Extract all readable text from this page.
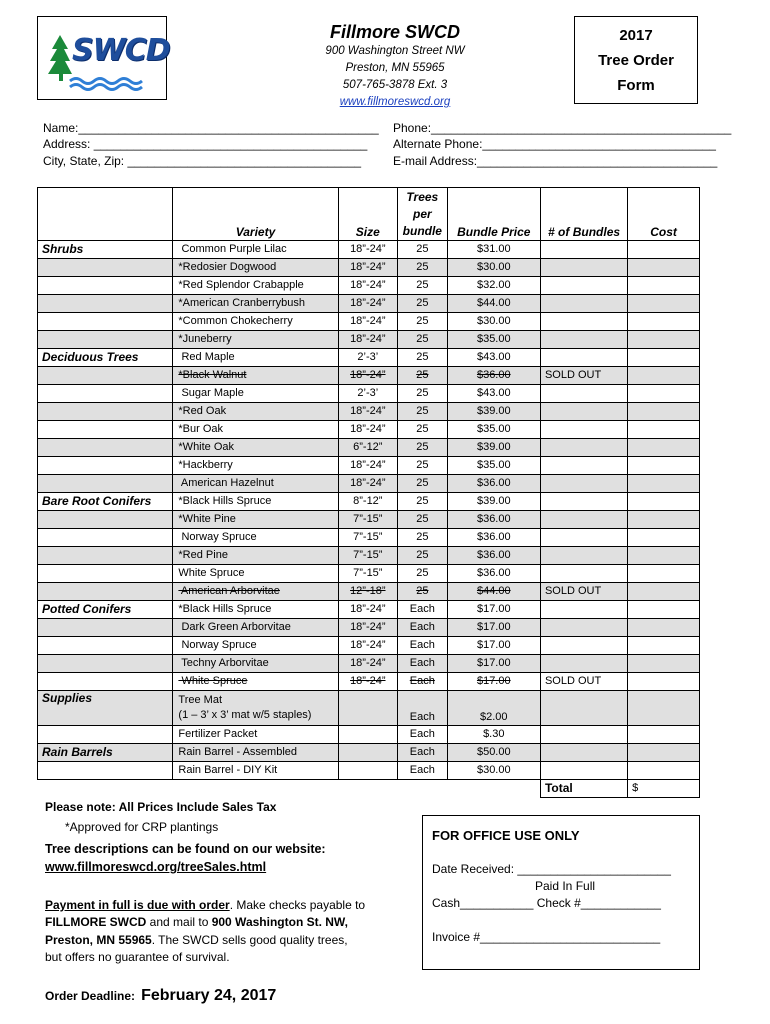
SWCD
Fillmore SWCD
900 Washington Street NW
Preston, MN 55965
507-765-3878 Ext. 3
www.fillmoreswcd.org
2017
Tree Order
Form
Name:_____________________________________________
Address: _________________________________________
City, State, Zip: ___________________________________
Phone:_____________________________________________
Alternate Phone:___________________________________
E-mail Address:____________________________________
	Variety	Size	Trees
per
bundle	Bundle Price	# of Bundles	Cost
Shrubs	Common Purple Lilac	18”-24”	25	$31.00		
	*Redosier Dogwood	18”-24”	25	$30.00		
	*Red Splendor Crabapple	18”-24”	25	$32.00		
	*American Cranberrybush	18”-24”	25	$44.00		
	*Common Chokecherry	18”-24”	25	$30.00		
	*Juneberry	18”-24”	25	$35.00		
Deciduous Trees	Red Maple	2’-3’	25	$43.00		
	*Black Walnut	18”-24”	25	$36.00	SOLD OUT	
	Sugar Maple	2’-3’	25	$43.00		
	*Red Oak	18”-24”	25	$39.00		
	*Bur Oak	18”-24”	25	$35.00		
	*White Oak	6”-12”	25	$39.00		
	*Hackberry	18”-24”	25	$35.00		
	American Hazelnut	18”-24”	25	$36.00		
Bare Root Conifers	*Black Hills Spruce	8”-12”	25	$39.00		
	*White Pine	7”-15”	25	$36.00		
	Norway Spruce	7”-15”	25	$36.00		
	*Red Pine	7”-15”	25	$36.00		
	White Spruce	7”-15”	25	$36.00		
	American Arborvitae	12”-18”	25	$44.00	SOLD OUT	
Potted Conifers	*Black Hills Spruce	18”-24”	Each	$17.00		
	Dark Green Arborvitae	18”-24”	Each	$17.00		
	Norway Spruce	18”-24”	Each	$17.00		
	Techny Arborvitae	18”-24”	Each	$17.00		
	White Spruce	18”-24”	Each	$17.00	SOLD OUT	
Supplies	Tree Mat
(1 – 3’ x 3’ mat w/5 staples)		Each	$2.00		
	Fertilizer Packet		Each	$.30		
Rain Barrels	Rain Barrel - Assembled		Each	$50.00		
	Rain Barrel - DIY Kit		Each	$30.00		
					Total	$
Please note: All Prices Include Sales Tax
*Approved for CRP plantings
Tree descriptions can be found on our website:
www.fillmoreswcd.org/treeSales.html
Payment in full is due with order. Make checks payable to
FILLMORE SWCD and mail to 900 Washington St. NW,
Preston, MN 55965. The SWCD sells good quality trees,
but offers no guarantee of survival.
Order Deadline: February 24, 2017
FOR OFFICE USE ONLY
Date Received: _______________________
Paid In Full
Cash___________ Check #____________
Invoice #___________________________
